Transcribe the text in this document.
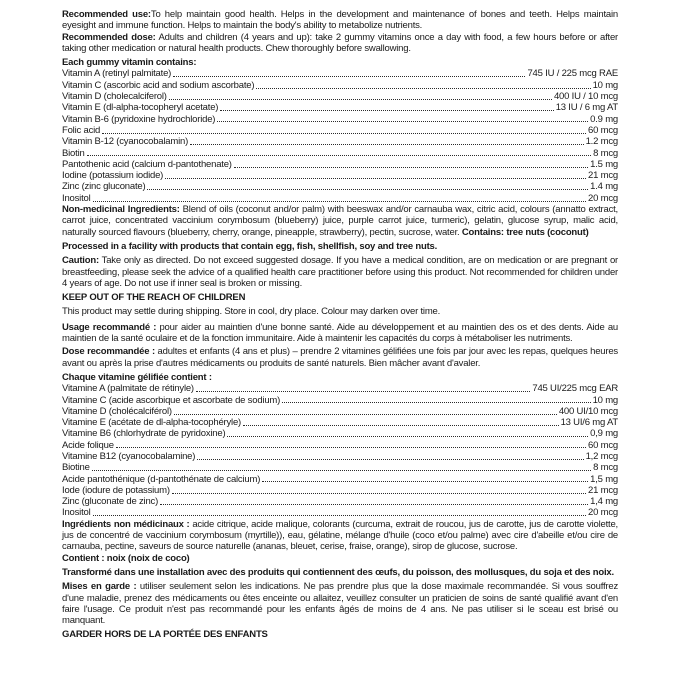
Recommended use:To help maintain good health. Helps in the development and maintenance of bones and teeth. Helps maintain eyesight and immune function. Helps to maintain the body's ability to metabolize nutrients.

Recommended dose: Adults and children (4 years and up): take 2 gummy vitamins once a day with food, a few hours before or after taking other medication or natural health products. Chew thoroughly before swallowing.

Each gummy vitamin contains:

Vitamin A (retinyl palmitate)	745 IU / 225 mcg RAE
Vitamin C (ascorbic acid and sodium ascorbate)	10 mg
Vitamin D (cholecalciferol)	400 IU / 10 mcg
Vitamin E (dl-alpha-tocopheryl acetate)	13 IU / 6 mg AT
Vitamin B-6 (pyridoxine hydrochloride)	0.9 mg
Folic acid	60 mcg
Vitamin B-12 (cyanocobalamin)	1.2 mcg
Biotin	8 mcg
Pantothenic acid (calcium d-pantothenate)	1.5 mg
Iodine (potassium iodide)	21 mcg
Zinc (zinc gluconate)	1.4 mg
Inositol	20 mcg

Non-medicinal Ingredients: Blend of oils (coconut and/or palm) with beeswax and/or carnauba wax, citric acid, colours (annatto extract, carrot juice, concentrated vaccinium corymbosum (blueberry) juice, purple carrot juice, turmeric), gelatin, glucose syrup, malic acid, naturally sourced flavours (blueberry, cherry, orange, pineapple, strawberry), pectin, sucrose, water. Contains: tree nuts (coconut)

Processed in a facility with products that contain egg, fish, shellfish, soy and tree nuts.

Caution: Take only as directed. Do not exceed suggested dosage. If you have a medical condition, are on medication or are pregnant or breastfeeding, please seek the advice of a qualified health care practitioner before using this product. Not recommended for children under 4 years of age. Do not use if inner seal is broken or missing.

KEEP OUT OF THE REACH OF CHILDREN

This product may settle during shipping. Store in cool, dry place. Colour may darken over time.

Usage recommandé : pour aider au maintien d'une bonne santé. Aide au développement et au maintien des os et des dents. Aide au maintien de la santé oculaire et de la fonction immunitaire. Aide à maintenir les capacités du corps à métaboliser les nutriments.

Dose recommandée : adultes et enfants (4 ans et plus) – prendre 2 vitamines gélifiées une fois par jour avec les repas, quelques heures avant ou après la prise d'autres médicaments ou produits de santé naturels. Bien mâcher avant d'avaler.

Chaque vitamine gélifiée contient :

Vitamine A (palmitate de rétinyle)	745 UI/225 mcg EAR
Vitamine C (acide ascorbique et ascorbate de sodium)	10 mg
Vitamine D (cholécalciférol)	400 UI/10 mcg
Vitamine E (acétate de dl-alpha-tocophéryle)	13 UI/6 mg AT
Vitamine B6 (chlorhydrate de pyridoxine)	0,9 mg
Acide folique	60 mcg
Vitamine B12 (cyanocobalamine)	1,2 mcg
Biotine	8 mcg
Acide pantothénique (d-pantothénate de calcium)	1,5 mg
Iode (iodure de potassium)	21 mcg
Zinc (gluconate de zinc)	1,4 mg
Inositol	20 mcg

Ingrédients non médicinaux : acide citrique, acide malique, colorants (curcuma, extrait de roucou, jus de carotte, jus de carotte violette, jus de concentré de vaccinium corymbosum (myrtille)), eau, gélatine, mélange d'huile (coco et/ou palme) avec cire d'abeille et/ou cire de carnauba, pectine, saveurs de source naturelle (ananas, bleuet, cerise, fraise, orange), sirop de glucose, sucrose.

Contient : noix (noix de coco)

Transformé dans une installation avec des produits qui contiennent des œufs, du poisson, des mollusques, du soja et des noix.

Mises en garde : utiliser seulement selon les indications. Ne pas prendre plus que la dose maximale recommandée. Si vous souffrez d'une maladie, prenez des médicaments ou êtes enceinte ou allaitez, veuillez consulter un praticien de soins de santé qualifié avant d'en faire l'usage. Ce produit n'est pas recommandé pour les enfants âgés de moins de 4 ans. Ne pas utiliser si le sceau est brisé ou manquant.

GARDER HORS DE LA PORTÉE DES ENFANTS
